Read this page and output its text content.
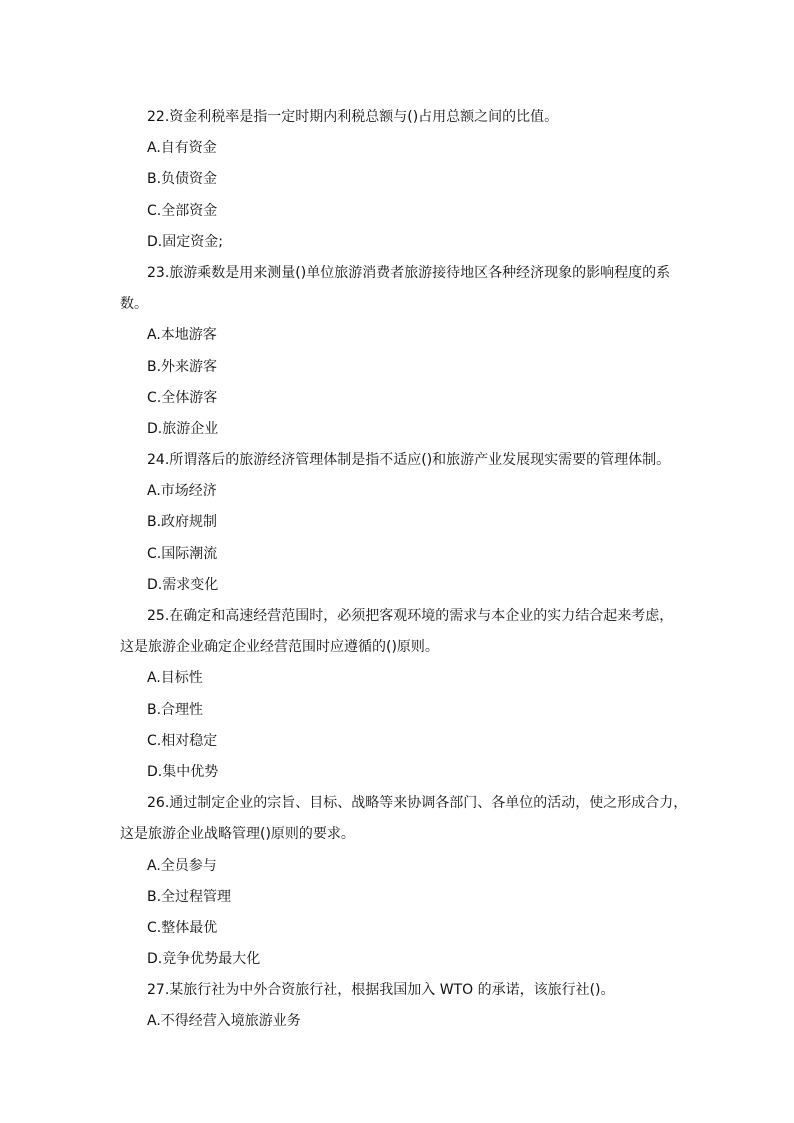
22.资金利税率是指一定时期内利税总额与()占用总额之间的比值。
A.自有资金
B.负债资金
C.全部资金
D.固定资金;
23.旅游乘数是用来测量()单位旅游消费者旅游接待地区各种经济现象的影响程度的系
数。
A.本地游客
B.外来游客
C.全体游客
D.旅游企业
24.所谓落后的旅游经济管理体制是指不适应()和旅游产业发展现实需要的管理体制。
A.市场经济
B.政府规制
C.国际潮流
D.需求变化
25.在确定和高速经营范围时，必须把客观环境的需求与本企业的实力结合起来考虑，
这是旅游企业确定企业经营范围时应遵循的()原则。
A.目标性
B.合理性
C.相对稳定
D.集中优势
26.通过制定企业的宗旨、目标、战略等来协调各部门、各单位的活动，使之形成合力，
这是旅游企业战略管理()原则的要求。
A.全员参与
B.全过程管理
C.整体最优
D.竞争优势最大化
27.某旅行社为中外合资旅行社，根据我国加入 WTO 的承诺，该旅行社()。
A.不得经营入境旅游业务
